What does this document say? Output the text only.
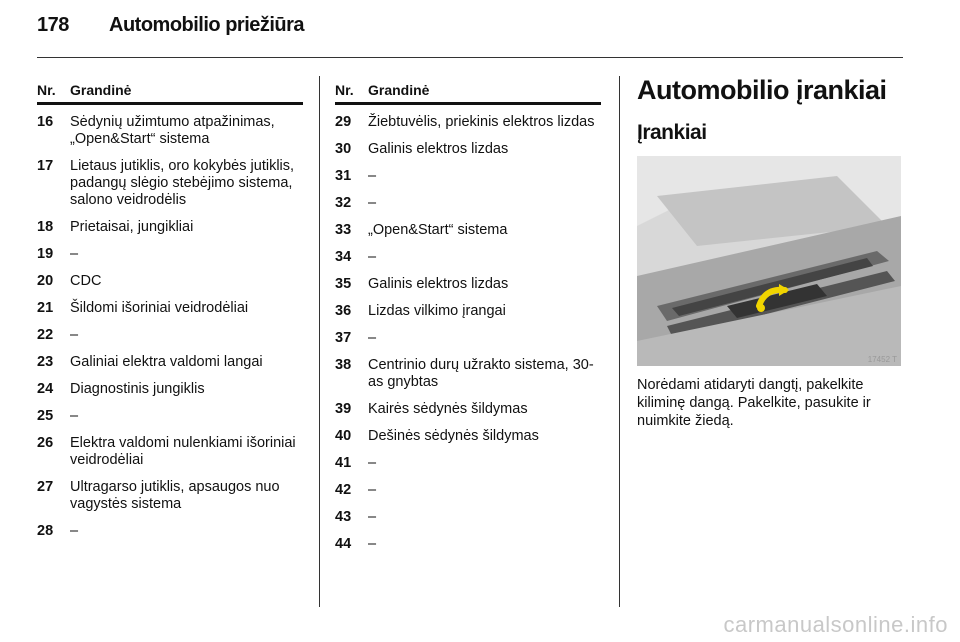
178 Automobilio priežiūra
Nr.	Grandinė
16	Sėdynių užimtumo atpažinimas, „Open&Start“ sistema
17	Lietaus jutiklis, oro kokybės jutiklis, padangų slėgio stebėjimo sistema, salono veidrodėlis
18	Prietaisai, jungikliai
19	–
20	CDC
21	Šildomi išoriniai veidrodėliai
22	–
23	Galiniai elektra valdomi langai
24	Diagnostinis jungiklis
25	–
26	Elektra valdomi nulenkiami išoriniai veidrodėliai
27	Ultragarso jutiklis, apsaugos nuo vagystės sistema
28	–
Nr.	Grandinė
29	Žiebtuvėlis, priekinis elektros lizdas
30	Galinis elektros lizdas
31	–
32	–
33	„Open&Start“ sistema
34	–
35	Galinis elektros lizdas
36	Lizdas vilkimo įrangai
37	–
38	Centrinio durų užrakto sistema, 30-as gnybtas
39	Kairės sėdynės šildymas
40	Dešinės sėdynės šildymas
41	–
42	–
43	–
44	–
Automobilio įrankiai
Įrankiai
17452 T
Norėdami atidaryti dangtį, pakelkite kiliminę dangą. Pakelkite, pasukite ir nuimkite žiedą.
carmanualsonline.info
